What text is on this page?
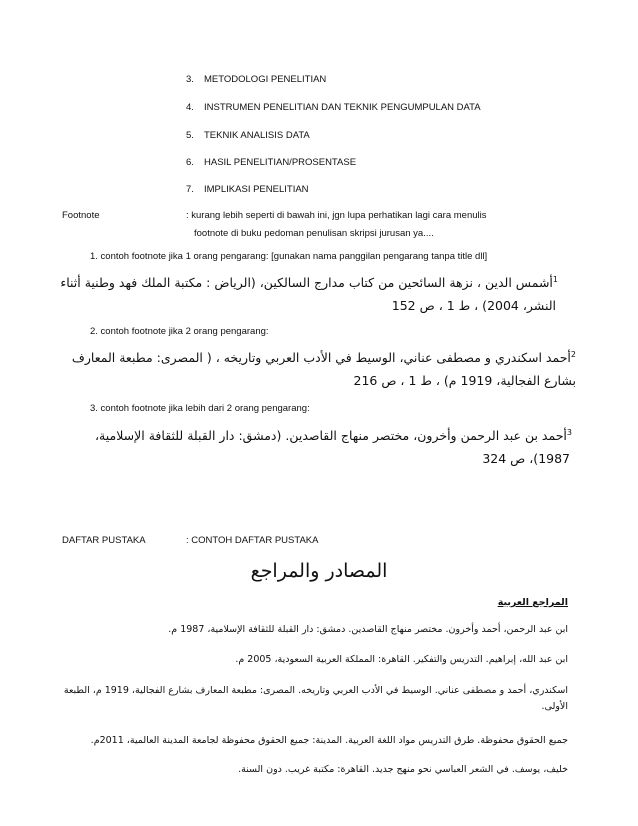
3. METODOLOGI PENELITIAN
4. INSTRUMEN PENELITIAN DAN TEKNIK PENGUMPULAN DATA
5. TEKNIK ANALISIS DATA
6. HASIL PENELITIAN/PROSENTASE
7. IMPLIKASI PENELITIAN
Footnote	: kurang lebih seperti di bawah ini, jgn lupa perhatikan lagi cara menulis
footnote di buku pedoman penulisan skripsi jurusan ya....
1. contoh footnote jika 1 orang pengarang: [gunakan nama panggilan pengarang tanpa title dll]
$^1$أشمس الدين ، نزهة السائحين من كتاب مدارج السالكين، (الرياض : مكتبة الملك فهد وطنية أثناء
النشر، 2004) ، ط 1 ، ص 152
2. contoh footnote jika 2 orang pengarang:
$^2$أحمد اسكندري و مصطفى عناني، الوسيط في الأدب العربي وتاريخه ، ( المصرى: مطبعة المعارف
بشارع الفجالية، 1919 م) ، ط 1 ، ص 216
3. contoh footnote jika lebih dari 2 orang pengarang:
$^3$أحمد بن عبد الرحمن وأخرون، مختصر منهاج القاصدين. (دمشق: دار القبلة للثقافة الإسلامية،
1987)، ص 324
DAFTAR PUSTAKA	: CONTOH DAFTAR PUSTAKA
المصادر والمراجع
المراجع العربية
ابن عبد الرحمن، أحمد وأخرون. مختصر منهاج القاصدين. دمشق: دار القبلة للثقافة الإسلامية، 1987 م.
ابن عبد الله، إبراهيم. التدريس والتفكير. القاهرة: المملكة العربية السعودية، 2005 م.
اسكندري، أحمد و مصطفى عناني. الوسيط في الأدب العربي وتاريخه. المصرى: مطبعة المعارف بشارع الفجالية، 1919 م، الطبعة الأولى.
جميع الحقوق محفوظة. طرق التدريس مواد اللغة العربية. المدينة: جميع الحقوق محفوظة لجامعة المدينة العالمية، 2011م.
خليف، يوسف. في الشعر العباسي نحو منهج جديد. القاهرة: مكتبة غريب. دون السنة.
